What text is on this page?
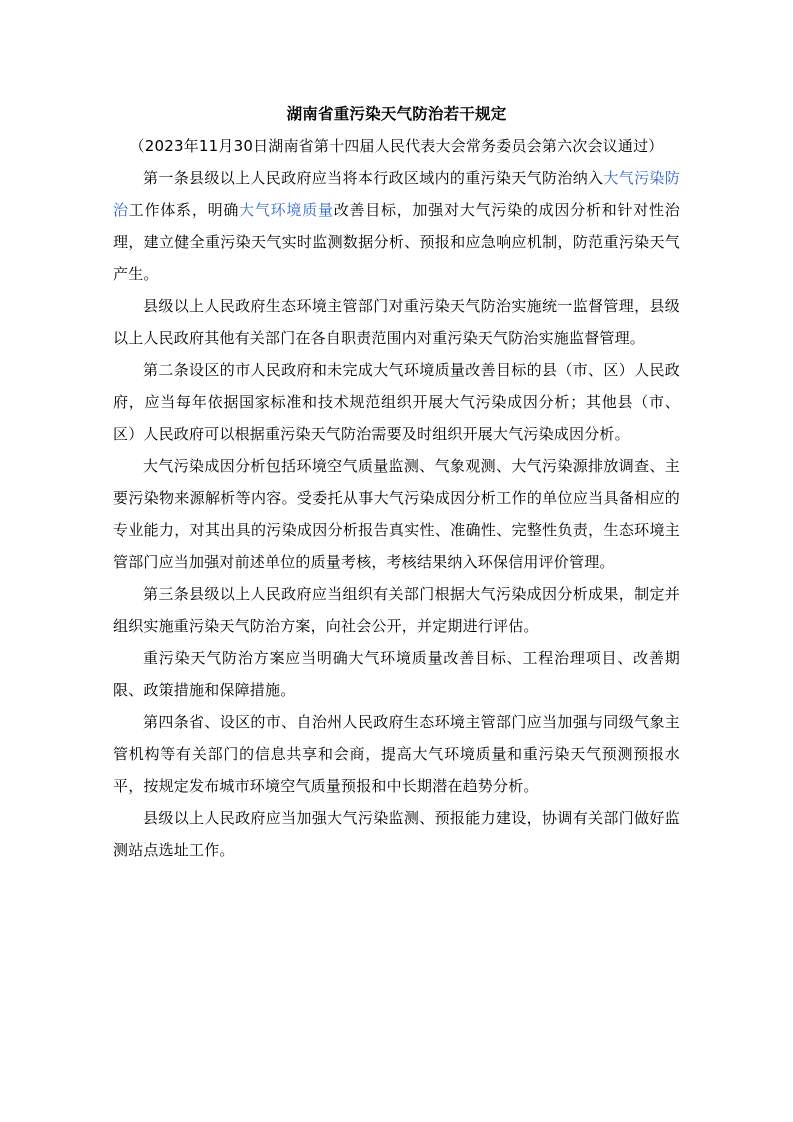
湖南省重污染天气防治若干规定

（2023年11月30日湖南省第十四届人民代表大会常务委员会第六次会议通过）

第一条县级以上人民政府应当将本行政区域内的重污染天气防治纳入大气污染防治工作体系，明确大气环境质量改善目标，加强对大气污染的成因分析和针对性治理，建立健全重污染天气实时监测数据分析、预报和应急响应机制，防范重污染天气产生。

县级以上人民政府生态环境主管部门对重污染天气防治实施统一监督管理，县级以上人民政府其他有关部门在各自职责范围内对重污染天气防治实施监督管理。

第二条设区的市人民政府和未完成大气环境质量改善目标的县（市、区）人民政府，应当每年依据国家标准和技术规范组织开展大气污染成因分析；其他县（市、区）人民政府可以根据重污染天气防治需要及时组织开展大气污染成因分析。

大气污染成因分析包括环境空气质量监测、气象观测、大气污染源排放调查、主要污染物来源解析等内容。受委托从事大气污染成因分析工作的单位应当具备相应的专业能力，对其出具的污染成因分析报告真实性、准确性、完整性负责，生态环境主管部门应当加强对前述单位的质量考核，考核结果纳入环保信用评价管理。

第三条县级以上人民政府应当组织有关部门根据大气污染成因分析成果，制定并组织实施重污染天气防治方案，向社会公开，并定期进行评估。

重污染天气防治方案应当明确大气环境质量改善目标、工程治理项目、改善期限、政策措施和保障措施。

第四条省、设区的市、自治州人民政府生态环境主管部门应当加强与同级气象主管机构等有关部门的信息共享和会商，提高大气环境质量和重污染天气预测预报水平，按规定发布城市环境空气质量预报和中长期潜在趋势分析。

县级以上人民政府应当加强大气污染监测、预报能力建设，协调有关部门做好监测站点选址工作。
